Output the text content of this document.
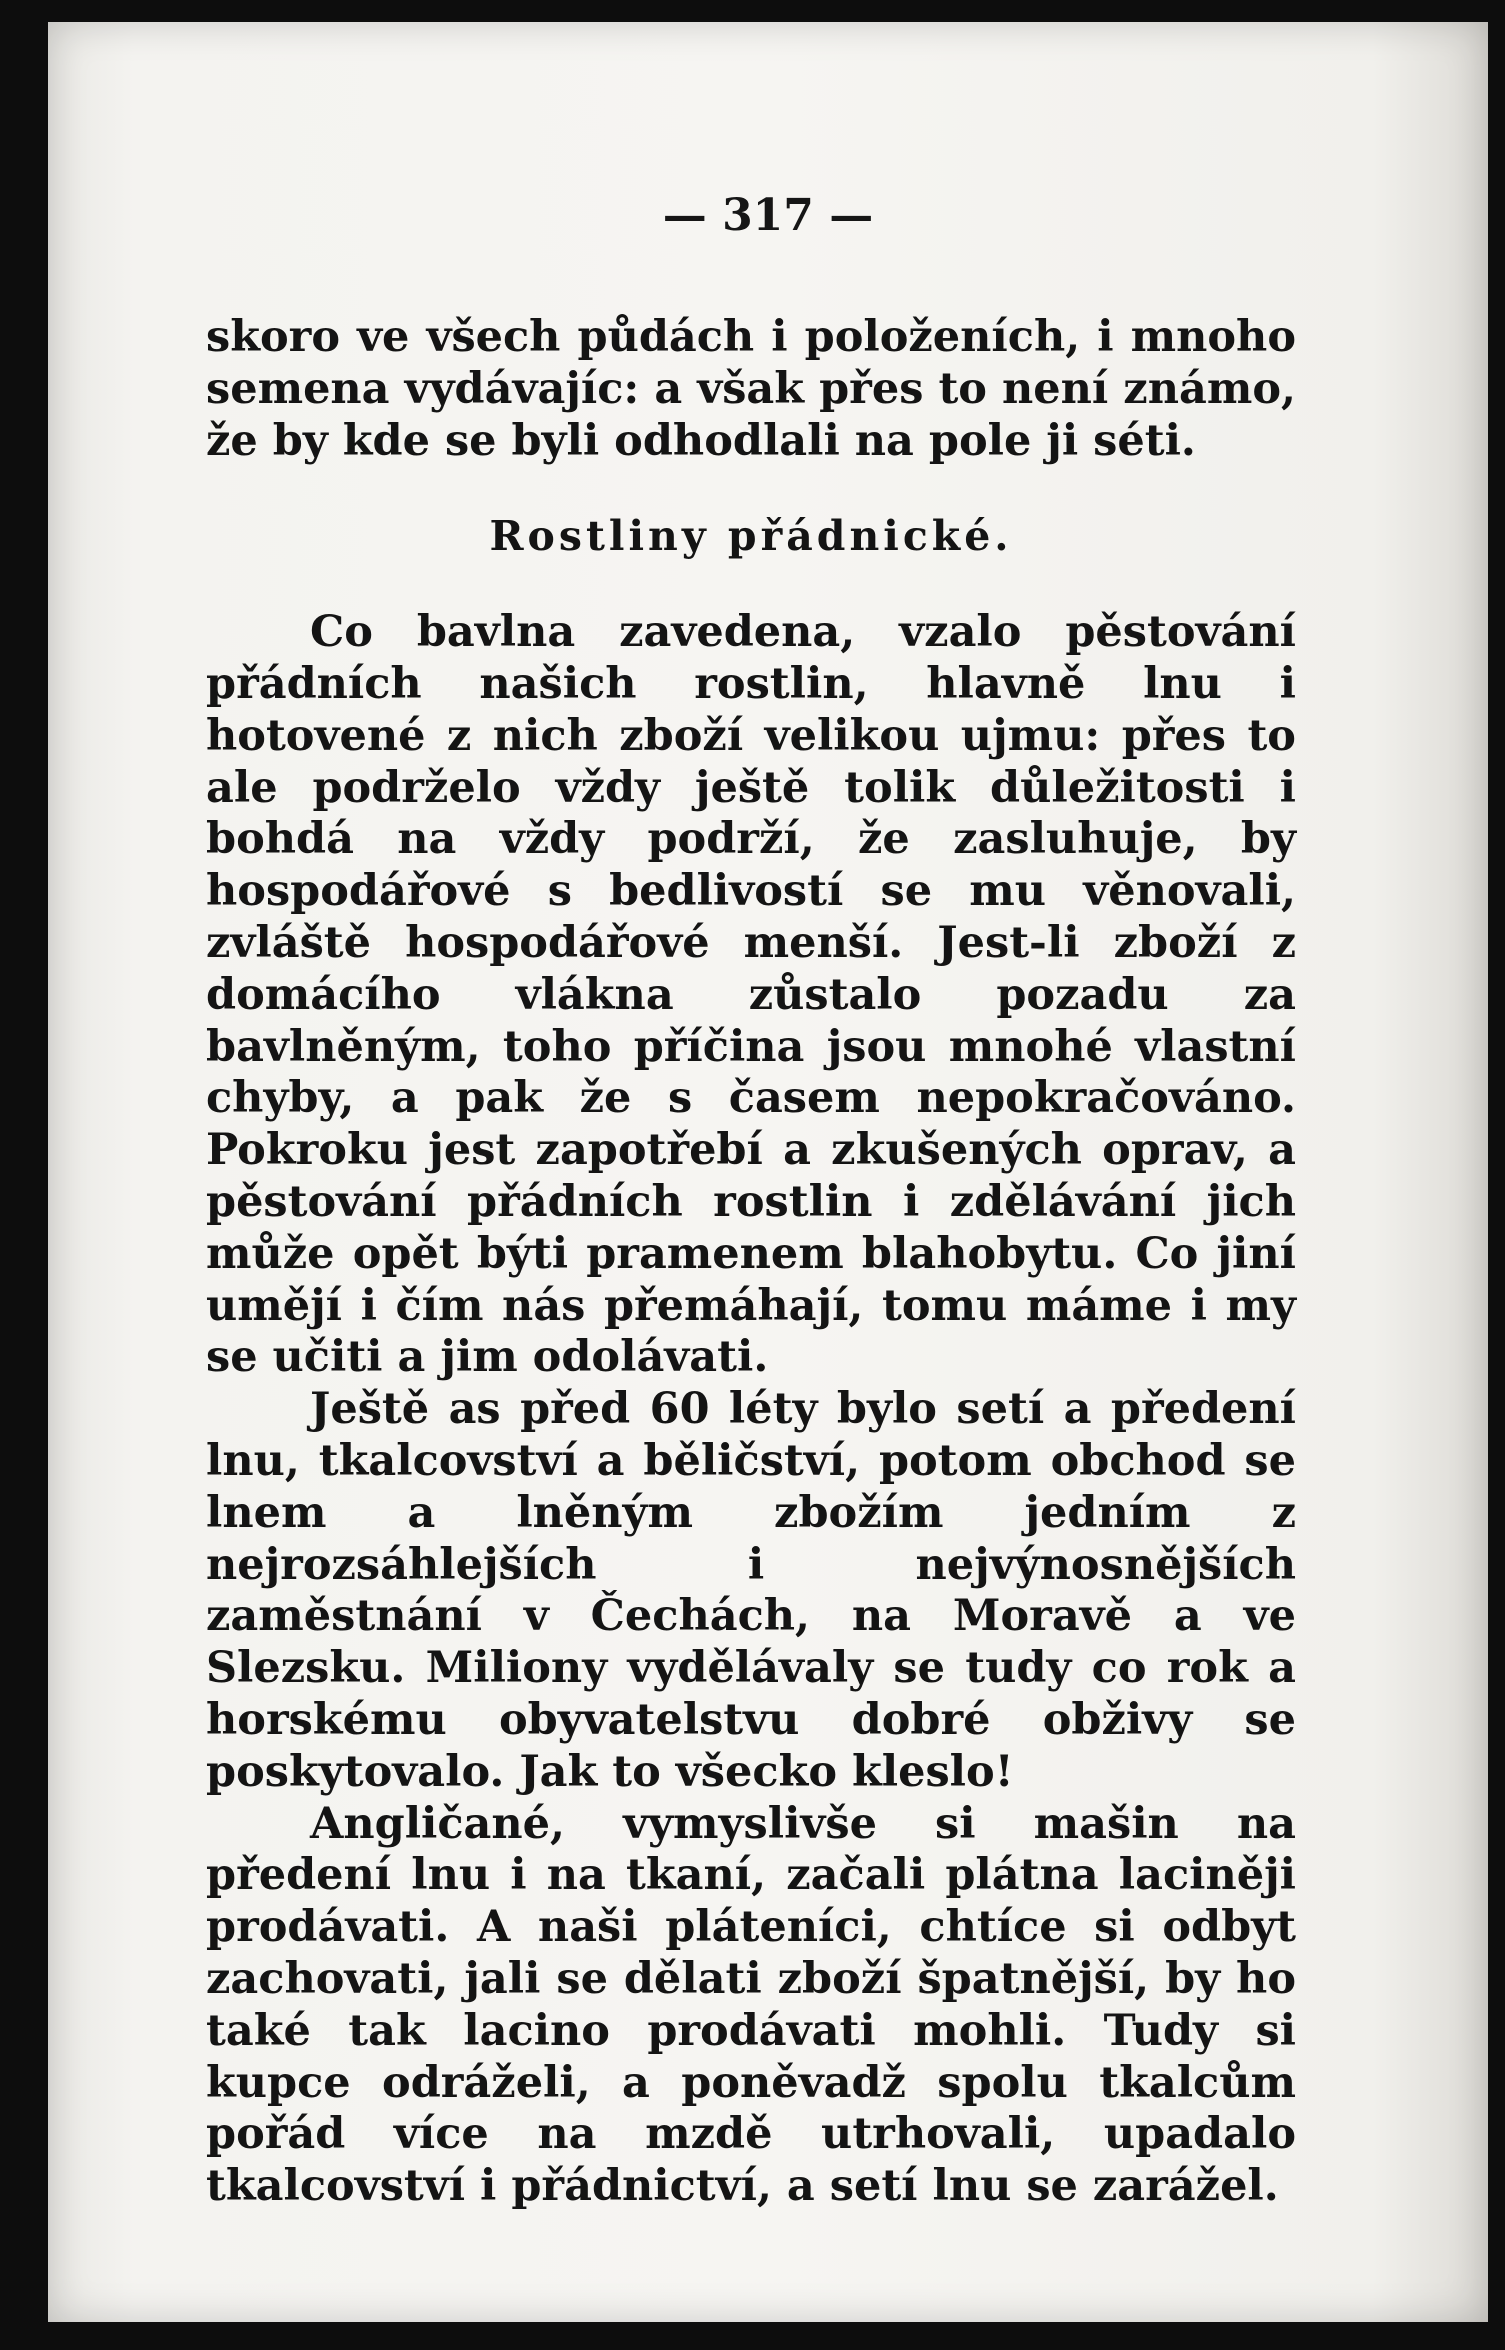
— 317 —

skoro ve všech půdách i položeních, i mnoho semena vydávajíc: a však přes to není známo, že by kde se byli odhodlali na pole ji séti.

Rostliny přádnické.

Co bavlna zavedena, vzalo pěstování přádních našich rostlin, hlavně lnu i hotovené z nich zboží velikou ujmu: přes to ale podrželo vždy ještě tolik důležitosti i bohdá na vždy podrží, že zasluhuje, by hospodářové s bedlivostí se mu věnovali, zvláště hospodářové menší. Jest-li zboží z domácího vlákna zůstalo pozadu za bavlněným, toho příčina jsou mnohé vlastní chyby, a pak že s časem nepokračováno. Pokroku jest zapotřebí a zkušených oprav, a pěstování přádních rostlin i zdělávání jich může opět býti pramenem blahobytu. Co jiní umějí i čím nás přemáhají, tomu máme i my se učiti a jim odolávati.

Ještě as před 60 léty bylo setí a předení lnu, tkalcovství a běličství, potom obchod se lnem a lněným zbožím jedním z nejrozsáhlejších i nejvýnosnějších zaměstnání v Čechách, na Moravě a ve Slezsku. Miliony vydělávaly se tudy co rok a horskému obyvatelstvu dobré obživy se poskytovalo. Jak to všecko kleslo!

Angličané, vymyslivše si mašin na předení lnu i na tkaní, začali plátna laciněji prodávati. A naši pláteníci, chtíce si odbyt zachovati, jali se dělati zboží špatnější, by ho také tak lacino prodávati mohli. Tudy si kupce odráželi, a poněvadž spolu tkalcům pořád více na mzdě utrhovali, upadalo tkalcovství i přádnictví, a setí lnu se zarážel.
